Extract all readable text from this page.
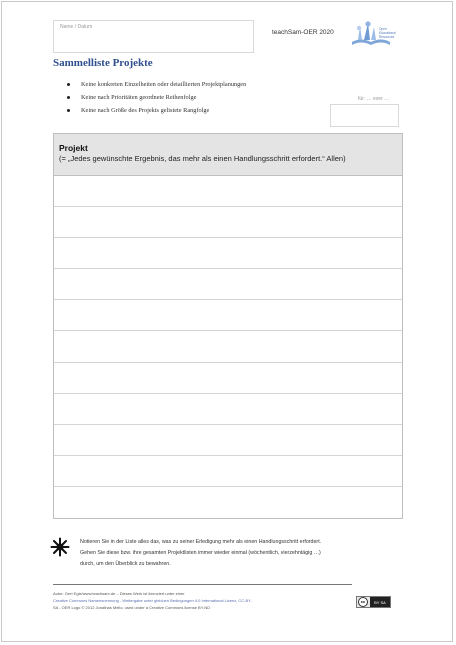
Name / Datum
teachSam-OER 2020	Open
Educational
Resources
Sammelliste Projekte
Keine konkreten Einzelheiten oder detaillierten Projektplanungen
Keine nach Prioritäten geordnete Reihenfolge
Keine nach Größe des Projekts gelistete Rangfolge
für: … exer …
Projekt
(= „Jedes gewünschte Ergebnis, das mehr als einen Handlungsschritt erfordert.“ Allen)
Notieren Sie in der Liste alles das, was zu seiner Erledigung mehr als einen Handlungsschritt erfordert.
Gehen Sie diese bzw. ihre gesamten Projektlisten immer wieder einmal (wöchentlich, vierzehntägig …)
durch, um den Überblick zu bewahren.
Autor: Gert Egle/www.teachsam.de – Dieses Werk ist lizenziert unter einer
Creative Commons Namensnennung - Weitergabe unter gleichen Bedingungen 4.0 International Lizenz, CC-BY-
SA - OER Logo © 2012 Jonathas Mello, used under a Creative Commons license BY-ND
cc	BY SA
